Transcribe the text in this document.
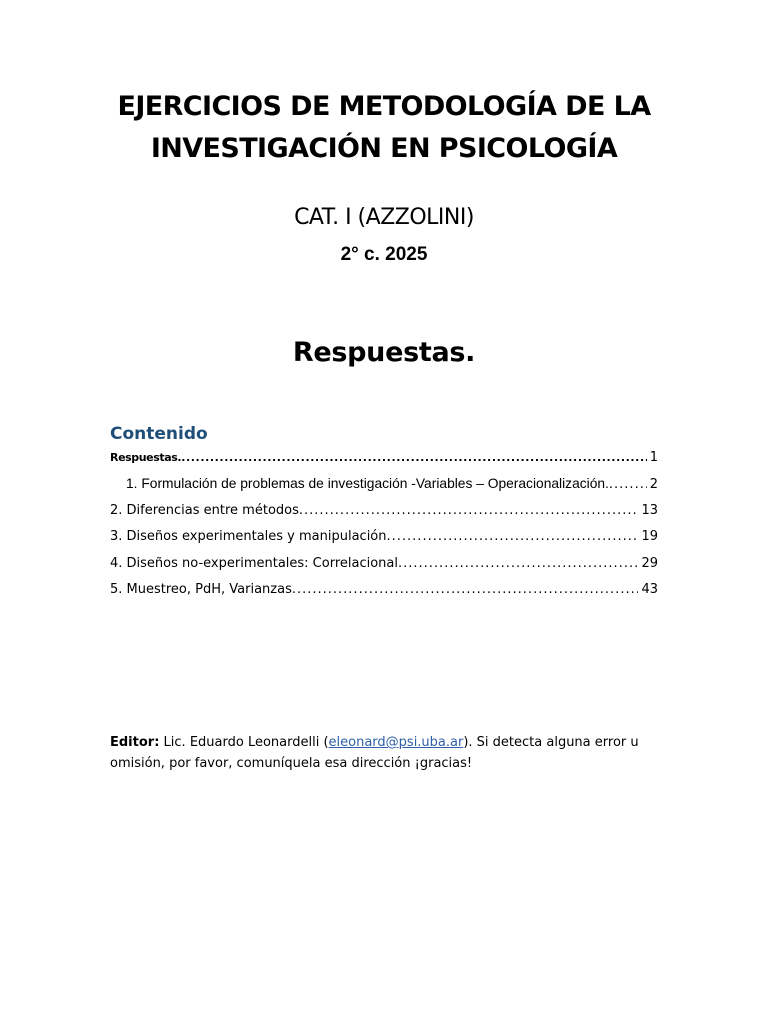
EJERCICIOS DE METODOLOGÍA DE LA
INVESTIGACIÓN EN PSICOLOGÍA

CAT. I (AZZOLINI)

2° c. 2025

Respuestas.
Contenido
Respuestas. .....	1
1. Formulación de problemas de investigación -Variables – Operacionalización. .....	2
2. Diferencias entre métodos .....	13
3. Diseños experimentales y manipulación .....	19
4. Diseños no-experimentales: Correlacional .....	29
5. Muestreo, PdH, Varianzas .....	43

Editor: Lic. Eduardo Leonardelli (eleonard@psi.uba.ar). Si detecta alguna error u omisión, por favor, comuníquela esa dirección ¡gracias!
